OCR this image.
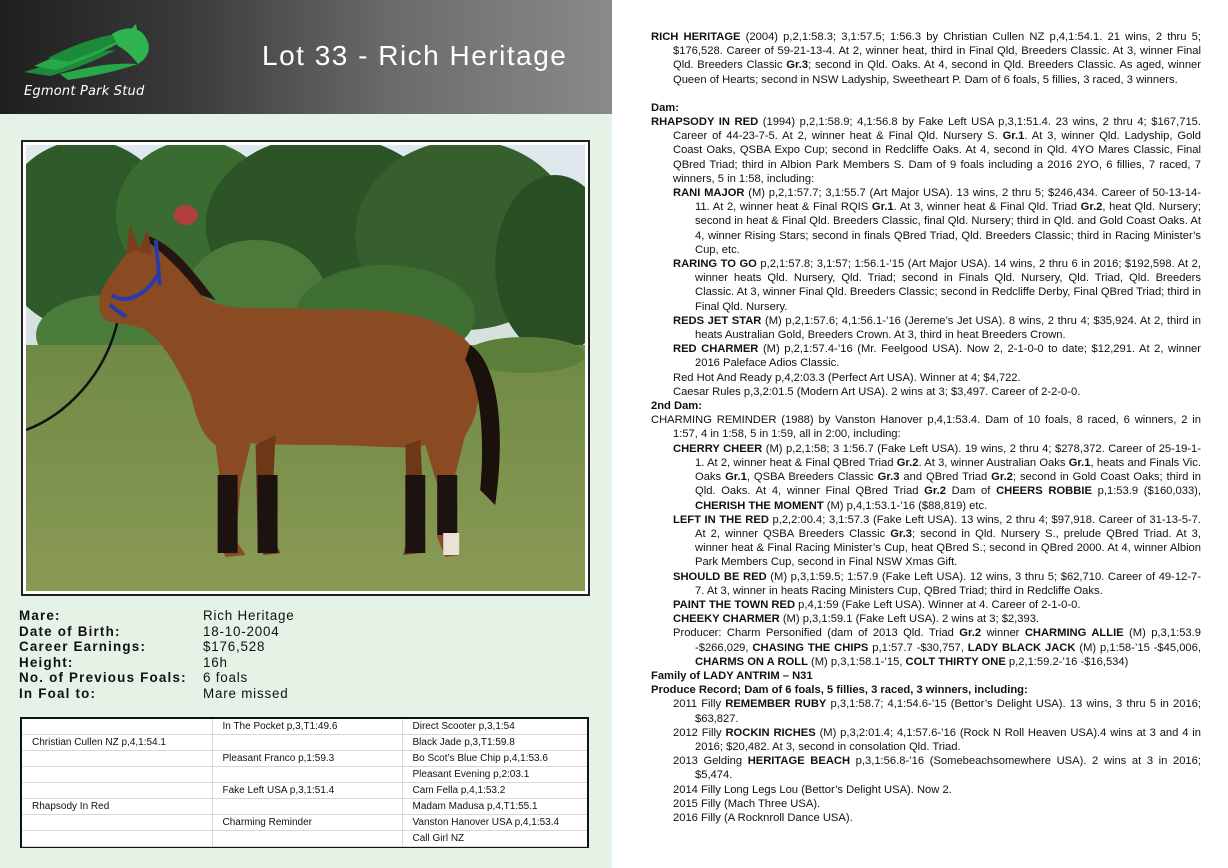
Egmont Park Stud
Lot 33 - Rich Heritage
Mare:	Rich Heritage
Date of Birth:	18-10-2004
Career Earnings:	$176,528
Height:	16h
No. of Previous Foals:	6 foals
In Foal to:	Mare missed
	In The Pocket p,3,T1:49.6	Direct Scooter p,3,1:54
Christian Cullen NZ p,4,1:54.1		Black Jade p,3,T1:59.8
	Pleasant Franco p,1:59.3	Bo Scot’s Blue Chip p,4,1:53.6
		Pleasant Evening p,2:03.1
	Fake Left USA p,3,1:51.4	Cam Fella p,4,1:53.2
Rhapsody In Red		Madam Madusa p,4,T1:55.1
	Charming Reminder	Vanston Hanover USA p,4,1:53.4
		Call Girl NZ

RICH HERITAGE (2004) p,2,1:58.3; 3,1:57.5; 1:56.3 by Christian Cullen NZ p,4,1:54.1. 21 wins, 2 thru 5; $176,528. Career of 59-21-13-4. At 2, winner heat, third in Final Qld, Breeders Classic. At 3, winner Final Qld. Breeders Classic Gr.3; second in Qld. Oaks. At 4, second in Qld. Breeders Classic. As aged, winner Queen of Hearts; second in NSW Ladyship, Sweetheart P. Dam of 6 foals, 5 fillies, 3 raced, 3 winners.

Dam:

RHAPSODY IN RED (1994) p,2,1:58.9; 4,1:56.8 by Fake Left USA p,3,1:51.4. 23 wins, 2 thru 4; $167,715. Career of 44-23-7-5. At 2, winner heat & Final Qld. Nursery S. Gr.1. At 3, winner Qld. Ladyship, Gold Coast Oaks, QSBA Expo Cup; second in Redcliffe Oaks. At 4, second in Qld. 4YO Mares Classic, Final QBred Triad; third in Albion Park Members S. Dam of 9 foals including a 2016 2YO, 6 fillies, 7 raced, 7 winners, 5 in 1:58, including:

RANI MAJOR (M) p,2,1:57.7; 3,1:55.7 (Art Major USA). 13 wins, 2 thru 5; $246,434. Career of 50-13-14-11. At 2, winner heat & Final RQIS Gr.1. At 3, winner heat & Final Qld. Triad Gr.2, heat Qld. Nursery; second in heat & Final Qld. Breeders Classic, final Qld. Nursery; third in Qld. and Gold Coast Oaks. At 4, winner Rising Stars; second in finals QBred Triad, Qld. Breeders Classic; third in Racing Minister’s Cup, etc.

RARING TO GO p,2,1:57.8; 3,1:57; 1:56.1-’15 (Art Major USA). 14 wins, 2 thru 6 in 2016; $192,598. At 2, winner heats Qld. Nursery, Qld. Triad; second in Finals Qld. Nursery, Qld. Triad, Qld. Breeders Classic. At 3, winner Final Qld. Breeders Classic; second in Redcliffe Derby, Final QBred Triad; third in Final Qld. Nursery.

REDS JET STAR (M) p,2,1:57.6; 4,1:56.1-’16 (Jereme’s Jet USA). 8 wins, 2 thru 4; $35,924. At 2, third in heats Australian Gold, Breeders Crown. At 3, third in heat Breeders Crown.

RED CHARMER (M) p,2,1:57.4-’16 (Mr. Feelgood USA). Now 2, 2-1-0-0 to date; $12,291. At 2, winner 2016 Paleface Adios Classic.

Red Hot And Ready p,4,2:03.3 (Perfect Art USA). Winner at 4; $4,722.

Caesar Rules p,3,2:01.5 (Modern Art USA). 2 wins at 3; $3,497. Career of 2-2-0-0.

2nd Dam:

CHARMING REMINDER (1988) by Vanston Hanover p,4,1:53.4. Dam of 10 foals, 8 raced, 6 winners, 2 in 1:57, 4 in 1:58, 5 in 1:59, all in 2:00, including:

CHERRY CHEER (M) p,2,1:58; 3 1:56.7 (Fake Left USA). 19 wins, 2 thru 4; $278,372. Career of 25-19-1-1. At 2, winner heat & Final QBred Triad Gr.2. At 3, winner Australian Oaks Gr.1, heats and Finals Vic. Oaks Gr.1, QSBA Breeders Classic Gr.3 and QBred Triad Gr.2; second in Gold Coast Oaks; third in Qld. Oaks. At 4, winner Final QBred Triad Gr.2 Dam of CHEERS ROBBIE p,1:53.9 ($160,033), CHERISH THE MOMENT (M) p,4,1:53.1-’16 ($88,819) etc.

LEFT IN THE RED p,2,2:00.4; 3,1:57.3 (Fake Left USA). 13 wins, 2 thru 4; $97,918. Career of 31-13-5-7. At 2, winner QSBA Breeders Classic Gr.3; second in Qld. Nursery S., prelude QBred Triad. At 3, winner heat & Final Racing Minister’s Cup, heat QBred S.; second in QBred 2000. At 4, winner Albion Park Members Cup, second in Final NSW Xmas Gift.

SHOULD BE RED (M) p,3,1:59.5; 1:57.9 (Fake Left USA). 12 wins, 3 thru 5; $62,710. Career of 49-12-7-7. At 3, winner in heats Racing Ministers Cup, QBred Triad; third in Redcliffe Oaks.

PAINT THE TOWN RED p,4,1:59 (Fake Left USA). Winner at 4. Career of 2-1-0-0.

CHEEKY CHARMER (M) p,3,1:59.1 (Fake Left USA). 2 wins at 3; $2,393.

Producer: Charm Personified (dam of 2013 Qld. Triad Gr.2 winner CHARMING ALLIE (M) p,3,1:53.9 -$266,029, CHASING THE CHIPS p,1:57.7 -$30,757, LADY BLACK JACK (M) p,1:58-’15 -$45,006, CHARMS ON A ROLL (M) p,3,1:58.1-’15, COLT THIRTY ONE p,2,1:59.2-’16 -$16,534)

Family of LADY ANTRIM – N31

Produce Record; Dam of 6 foals, 5 fillies, 3 raced, 3 winners, including:

2011 Filly REMEMBER RUBY p,3,1:58.7; 4,1:54.6-’15 (Bettor’s Delight USA). 13 wins, 3 thru 5 in 2016; $63,827.

2012 Filly ROCKIN RICHES (M) p,3,2:01.4; 4,1:57.6-’16 (Rock N Roll Heaven USA).4 wins at 3 and 4 in 2016; $20,482. At 3, second in consolation Qld. Triad.

2013 Gelding HERITAGE BEACH p,3,1:56.8-’16 (Somebeachsomewhere USA). 2 wins at 3 in 2016; $5,474.

2014 Filly Long Legs Lou (Bettor’s Delight USA). Now 2.

2015 Filly (Mach Three USA).

2016 Filly (A Rocknroll Dance USA).
